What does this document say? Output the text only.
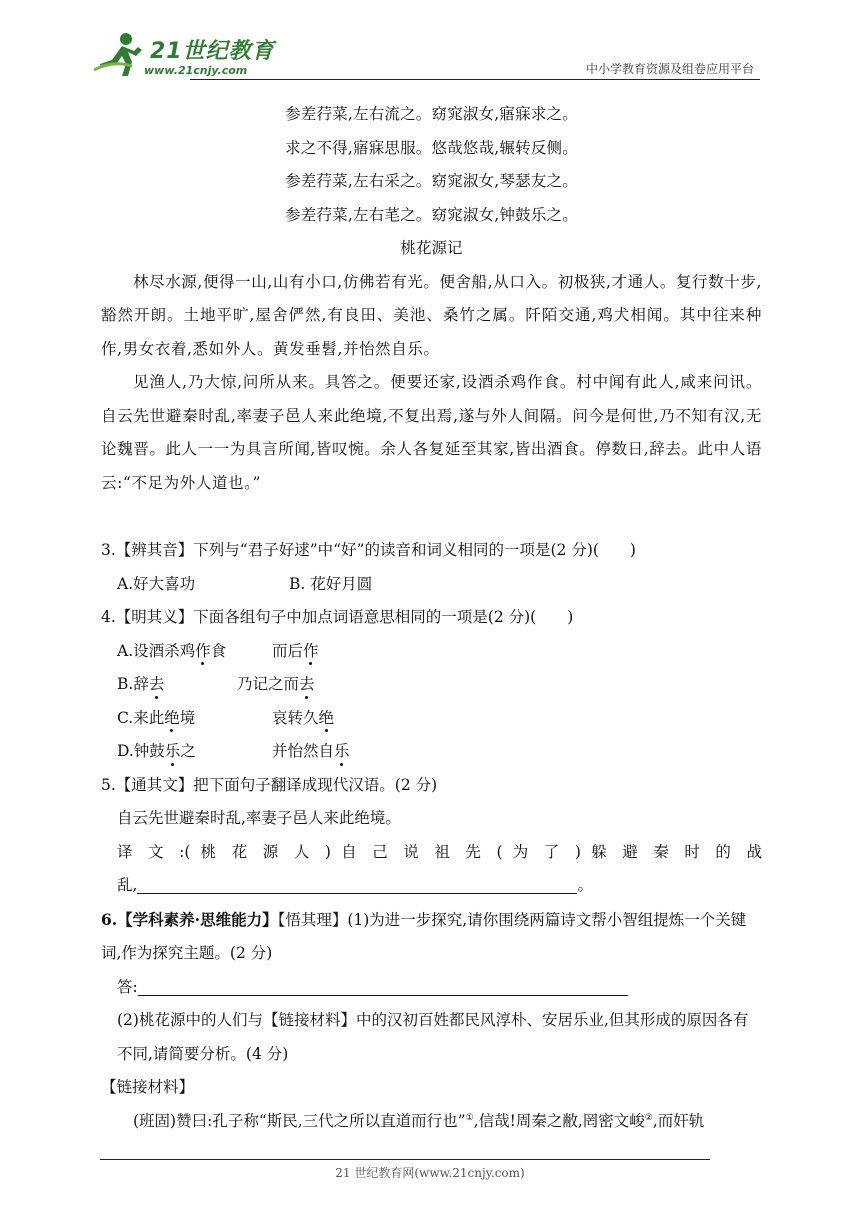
21世纪教育
www.21cnjy.com	中小学教育资源及组卷应用平台
参差荇菜,左右流之。窈窕淑女,寤寐求之。
求之不得,寤寐思服。悠哉悠哉,辗转反侧。
参差荇菜,左右采之。窈窕淑女,琴瑟友之。
参差荇菜,左右芼之。窈窕淑女,钟鼓乐之。
桃花源记
林尽水源,便得一山,山有小口,仿佛若有光。便舍船,从口入。初极狭,才通人。复行数十步,豁然开朗。土地平旷,屋舍俨然,有良田、美池、桑竹之属。阡陌交通,鸡犬相闻。其中往来种作,男女衣着,悉如外人。黄发垂髫,并怡然自乐。
见渔人,乃大惊,问所从来。具答之。便要还家,设酒杀鸡作食。村中闻有此人,咸来问讯。自云先世避秦时乱,率妻子邑人来此绝境,不复出焉,遂与外人间隔。问今是何世,乃不知有汉,无论魏晋。此人一一为具言所闻,皆叹惋。余人各复延至其家,皆出酒食。停数日,辞去。此中人语云:“不足为外人道也。”
3.【辨其音】下列与“君子好逑”中“好”的读音和词义相同的一项是(2 分)(　　)
A.好大喜功	B. 花好月圆
4.【明其义】下面各组句子中加点词语意思相同的一项是(2 分)(　　)
A.设酒杀鸡作食	而后作
B.辞去	乃记之而去
C.来此绝境	哀转久绝
D.钟鼓乐之	并怡然自乐
5.【通其文】把下面句子翻译成现代汉语。(2 分)
自云先世避秦时乱,率妻子邑人来此绝境。
译 文 :( 桃 花 源 人 ) 自 己 说 祖 先 ( 为 了 ) 躲 避 秦 时 的 战
乱,	。
6.【学科素养·思维能力】【悟其理】(1)为进一步探究,请你围绕两篇诗文帮小智组提炼一个关键词,作为探究主题。(2 分)
答:
(2)桃花源中的人们与【链接材料】中的汉初百姓都民风淳朴、安居乐业,但其形成的原因各有不同,请简要分析。(4 分)
【链接材料】
(班固)赞曰:孔子称“斯民,三代之所以直道而行也”①,信哉!周秦之敝,罔密文峻②,而奸轨
21 世纪教育网(www.21cnjy.com)
